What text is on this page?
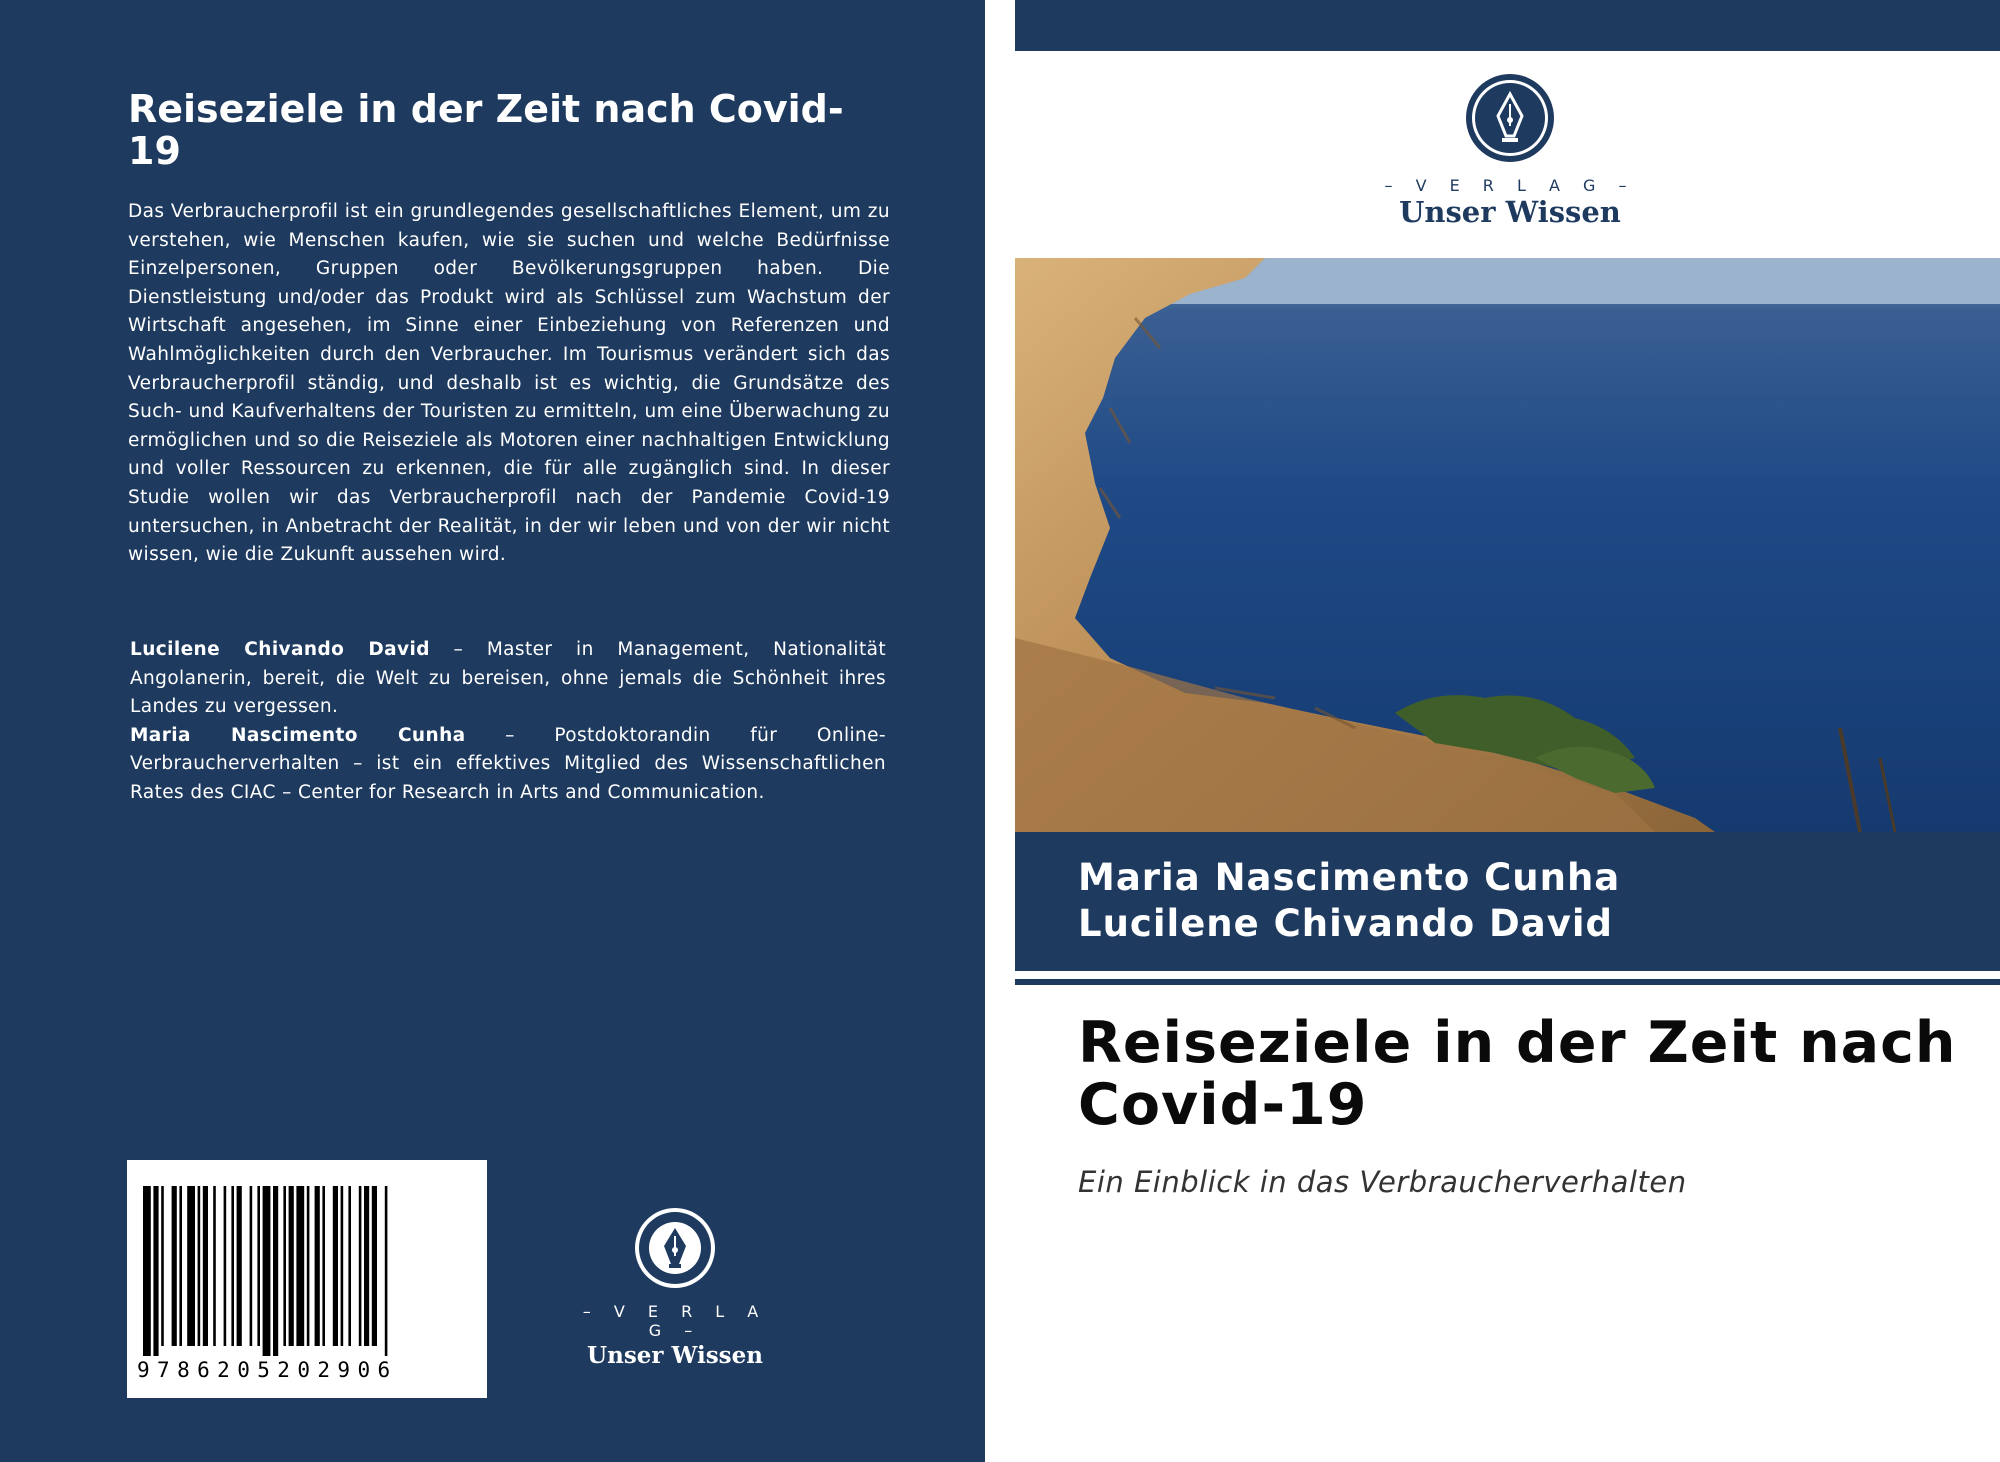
Reiseziele in der Zeit nach Covid-19

Das Verbraucherprofil ist ein grundlegendes gesellschaftliches Element, um zu verstehen, wie Menschen kaufen, wie sie suchen und welche Bedürfnisse Einzelpersonen, Gruppen oder Bevölkerungsgruppen haben. Die Dienstleistung und/oder das Produkt wird als Schlüssel zum Wachstum der Wirtschaft angesehen, im Sinne einer Einbeziehung von Referenzen und Wahlmöglichkeiten durch den Verbraucher. Im Tourismus verändert sich das Verbraucherprofil ständig, und deshalb ist es wichtig, die Grundsätze des Such- und Kaufverhaltens der Touristen zu ermitteln, um eine Überwachung zu ermöglichen und so die Reiseziele als Motoren einer nachhaltigen Entwicklung und voller Ressourcen zu erkennen, die für alle zugänglich sind. In dieser Studie wollen wir das Verbraucherprofil nach der Pandemie Covid-19 untersuchen, in Anbetracht der Realität, in der wir leben und von der wir nicht wissen, wie die Zukunft aussehen wird.

Lucilene Chivando David – Master in Management, Nationalität Angolanerin, bereit, die Welt zu bereisen, ohne jemals die Schönheit ihres Landes zu vergessen.

Maria Nascimento Cunha – Postdoktorandin für Online-Verbraucherverhalten – ist ein effektives Mitglied des Wissenschaftlichen Rates des CIAC – Center for Research in Arts and Communication.

9786205202906
– V E R L A G –
Unser Wissen
– V E R L A G –
Unser Wissen
Maria Nascimento Cunha
Lucilene Chivando David
Reiseziele in der Zeit nach Covid-19
Ein Einblick in das Verbraucherverhalten
